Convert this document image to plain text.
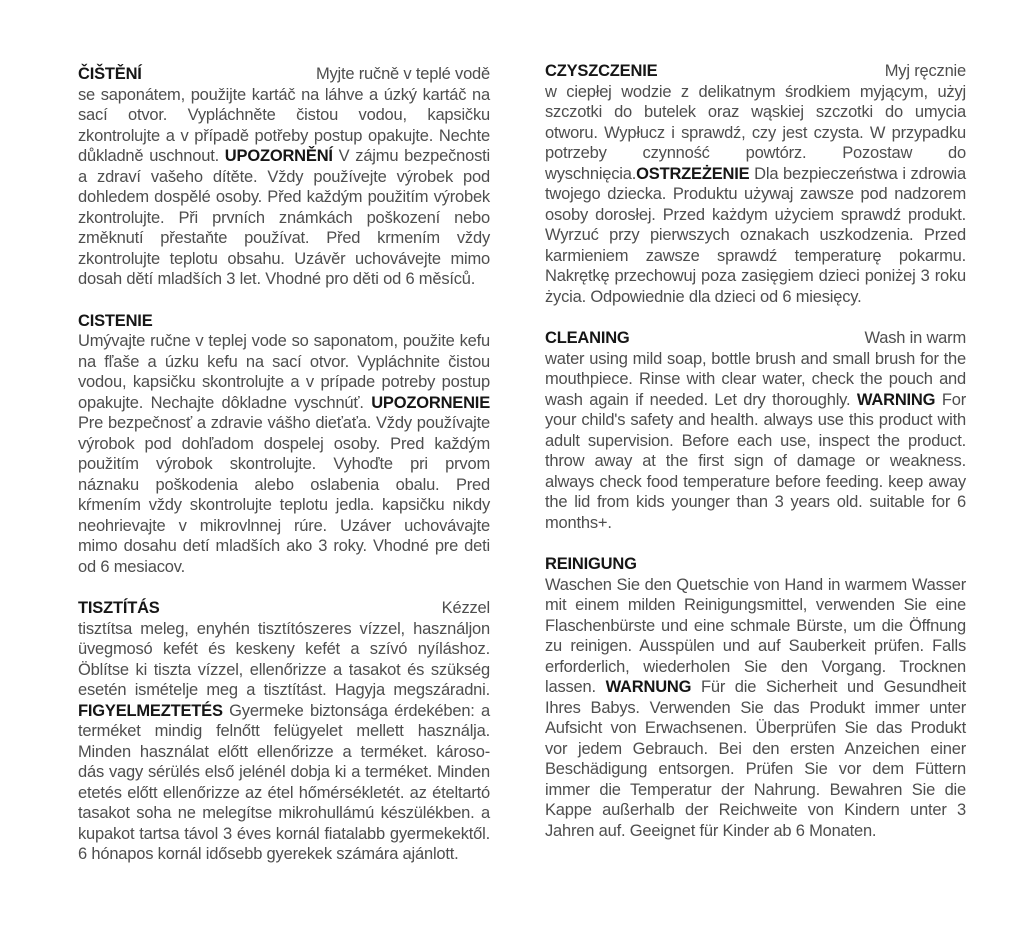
ČIŠTĚNÍ	Myjte ručně v teplé vodě

se saponátem, použijte kartáč na láhve a úzký kartáč na sací otvor. Vypláchněte čistou vodou, kapsičku zkontrolujte a v případě potřeby postup opakujte. Nechte důkladně uschnout. UPOZORNĚNÍ V zájmu bezpečnosti a zdraví vašeho dítěte. Vždy používejte výrobek pod dohledem dospělé osoby. Před každým použitím výrobek zkontrolujte. Při prvních známkách poškození nebo změknutí přestaňte používat. Před krmením vždy zkontrolujte teplotu obsahu. Uzávěr uchovávejte mimo dosah dětí mladších 3 let. Vhodné pro děti od 6 měsíců.

CISTENIE

Umývajte ručne v teplej vode so saponatom, použite kefu na fľaše a úzku kefu na sací otvor. Vypláchnite čistou vodou, kapsičku skontrolujte a v prípade potreby postup opakujte. Nechajte dôkladne vyschnúť. UPOZORNENIE Pre bezpečnosť a zdravie vášho dieťaťa. Vždy používajte výrobok pod dohľadom dospelej osoby. Pred každým použitím výrobok skontrolujte. Vyhoďte pri prvom náznaku poškodenia alebo oslabenia obalu. Pred kŕmením vždy skontrolujte teplotu jedla. kapsičku nikdy neohrievajte v mikrovlnnej rúre. Uzáver uchovávajte mimo dosahu detí mladších ako 3 roky. Vhodné pre deti od 6 mesiacov.

TISZTÍTÁS	Kézzel

tisztítsa meleg, enyhén tisztítószeres vízzel, használjon üvegmosó kefét és keskeny kefét a szívó nyíláshoz. Öblítse ki tiszta vízzel, ellenőrizze a tasakot és szükség esetén ismételje meg a tisztítást. Hagyja megszáradni. FIGYELMEZTETÉS Gyermeke biztonsága érdekében: a terméket mindig felnőtt felügyelet mellett használja. Minden használat előtt ellenőrizze a terméket. károso- dás vagy sérülés első jelénél dobja ki a terméket. Minden etetés előtt ellenőrizze az étel hőmérsékletét. az ételtartó tasakot soha ne melegítse mikrohullámú készülékben. a kupakot tartsa távol 3 éves kornál fiatalabb gyermekektől. 6 hónapos kornál idősebb gyerekek számára ajánlott.

CZYSZCZENIE	Myj ręcznie

w ciepłej wodzie z delikatnym środkiem myjącym, użyj szczotki do butelek oraz wąskiej szczotki do umycia otworu. Wypłucz i sprawdź, czy jest czysta. W przypadku potrzeby czynność powtórz. Pozostaw do wyschnięcia.OSTRZEŻENIE Dla bezpieczeństwa i zdrowia twojego dziecka. Produktu używaj zawsze pod nadzorem osoby dorosłej. Przed każdym użyciem sprawdź produkt. Wyrzuć przy pierwszych oznakach uszkodzenia. Przed karmieniem zawsze sprawdź temperaturę pokarmu. Nakrętkę przechowuj poza zasięgiem dzieci poniżej 3 roku życia. Odpowiednie dla dzieci od 6 miesięcy.

CLEANING	Wash in warm

water using mild soap, bottle brush and small brush for the mouthpiece. Rinse with clear water, check the pouch and wash again if needed. Let dry thoroughly. WARNING For your child's safety and health. always use this product with adult supervision. Before each use, inspect the product. throw away at the first sign of damage or weakness. always check food temperature before feeding. keep away the lid from kids younger than 3 years old. suitable for 6 months+.

REINIGUNG

Waschen Sie den Quetschie von Hand in warmem Wasser mit einem milden Reinigungsmittel, verwenden Sie eine Flaschenbürste und eine schmale Bürste, um die Öffnung zu reinigen. Ausspülen und auf Sauberkeit prüfen. Falls erforderlich, wiederholen Sie den Vorgang. Trocknen lassen. WARNUNG Für die Sicherheit und Gesundheit Ihres Babys. Verwenden Sie das Produkt immer unter Aufsicht von Erwachsenen. Überprüfen Sie das Produkt vor jedem Gebrauch. Bei den ersten Anzeichen einer Beschädigung entsorgen. Prüfen Sie vor dem Füttern immer die Temperatur der Nahrung. Bewahren Sie die Kappe außerhalb der Reichweite von Kindern unter 3 Jahren auf. Geeignet für Kinder ab 6 Monaten.
